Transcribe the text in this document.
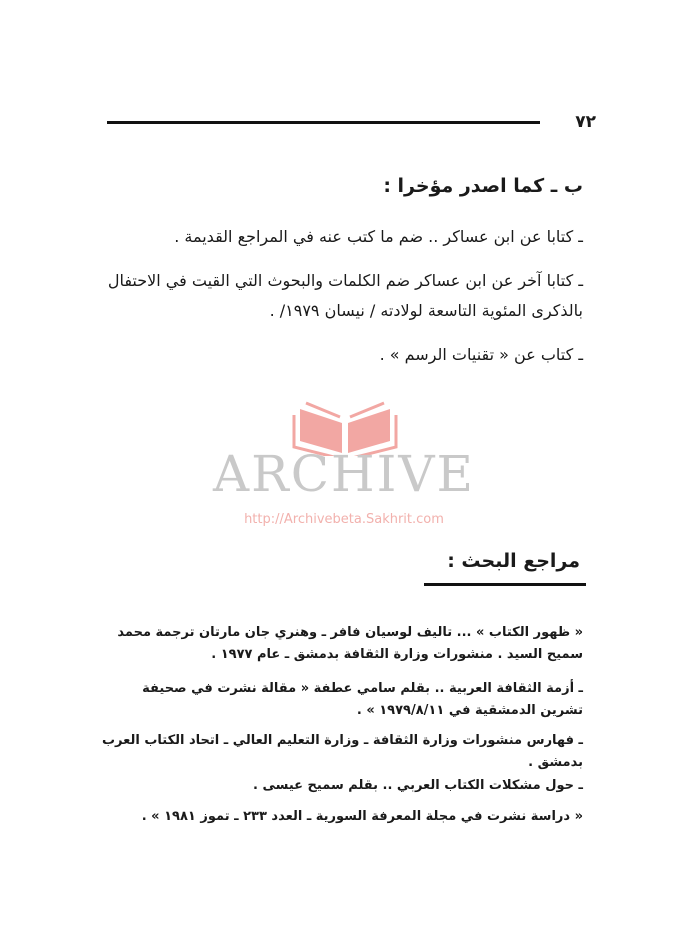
٧٢
ب ـ كما اصدر مؤخرا :
ـ كتابا عن ابن عساكر .. ضم ما كتب عنه في المراجع القديمة .
ـ كتابا آخر عن ابن عساكر ضم الكلمات والبحوث التي القيت في الاحتفال بالذكرى المئوية التاسعة لولادته / نيسان ١٩٧٩/ .
ـ كتاب عن « تقنيات الرسم » .
ARCHIVE
http://Archivebeta.Sakhrit.com
مراجع البحث :
« ظهور الكتاب » ... تاليف لوسيان فافر ـ وهنري جان مارتان ترجمة محمد سميح السيد . منشورات وزارة الثقافة بدمشق ـ عام ١٩٧٧ .
ـ أزمة الثقافة العربية .. بقلم سامي عطفة « مقالة نشرت في صحيفة تشرين الدمشقية في ١٩٧٩/٨/١١ » .
ـ فهارس منشورات وزارة الثقافة ـ وزارة التعليم العالي ـ اتحاد الكتاب العرب بدمشق .
ـ حول مشكلات الكتاب العربي .. بقلم سميح عيسى .
« دراسة نشرت في مجلة المعرفة السورية ـ العدد ٢٣٣ ـ تموز ١٩٨١ » .
